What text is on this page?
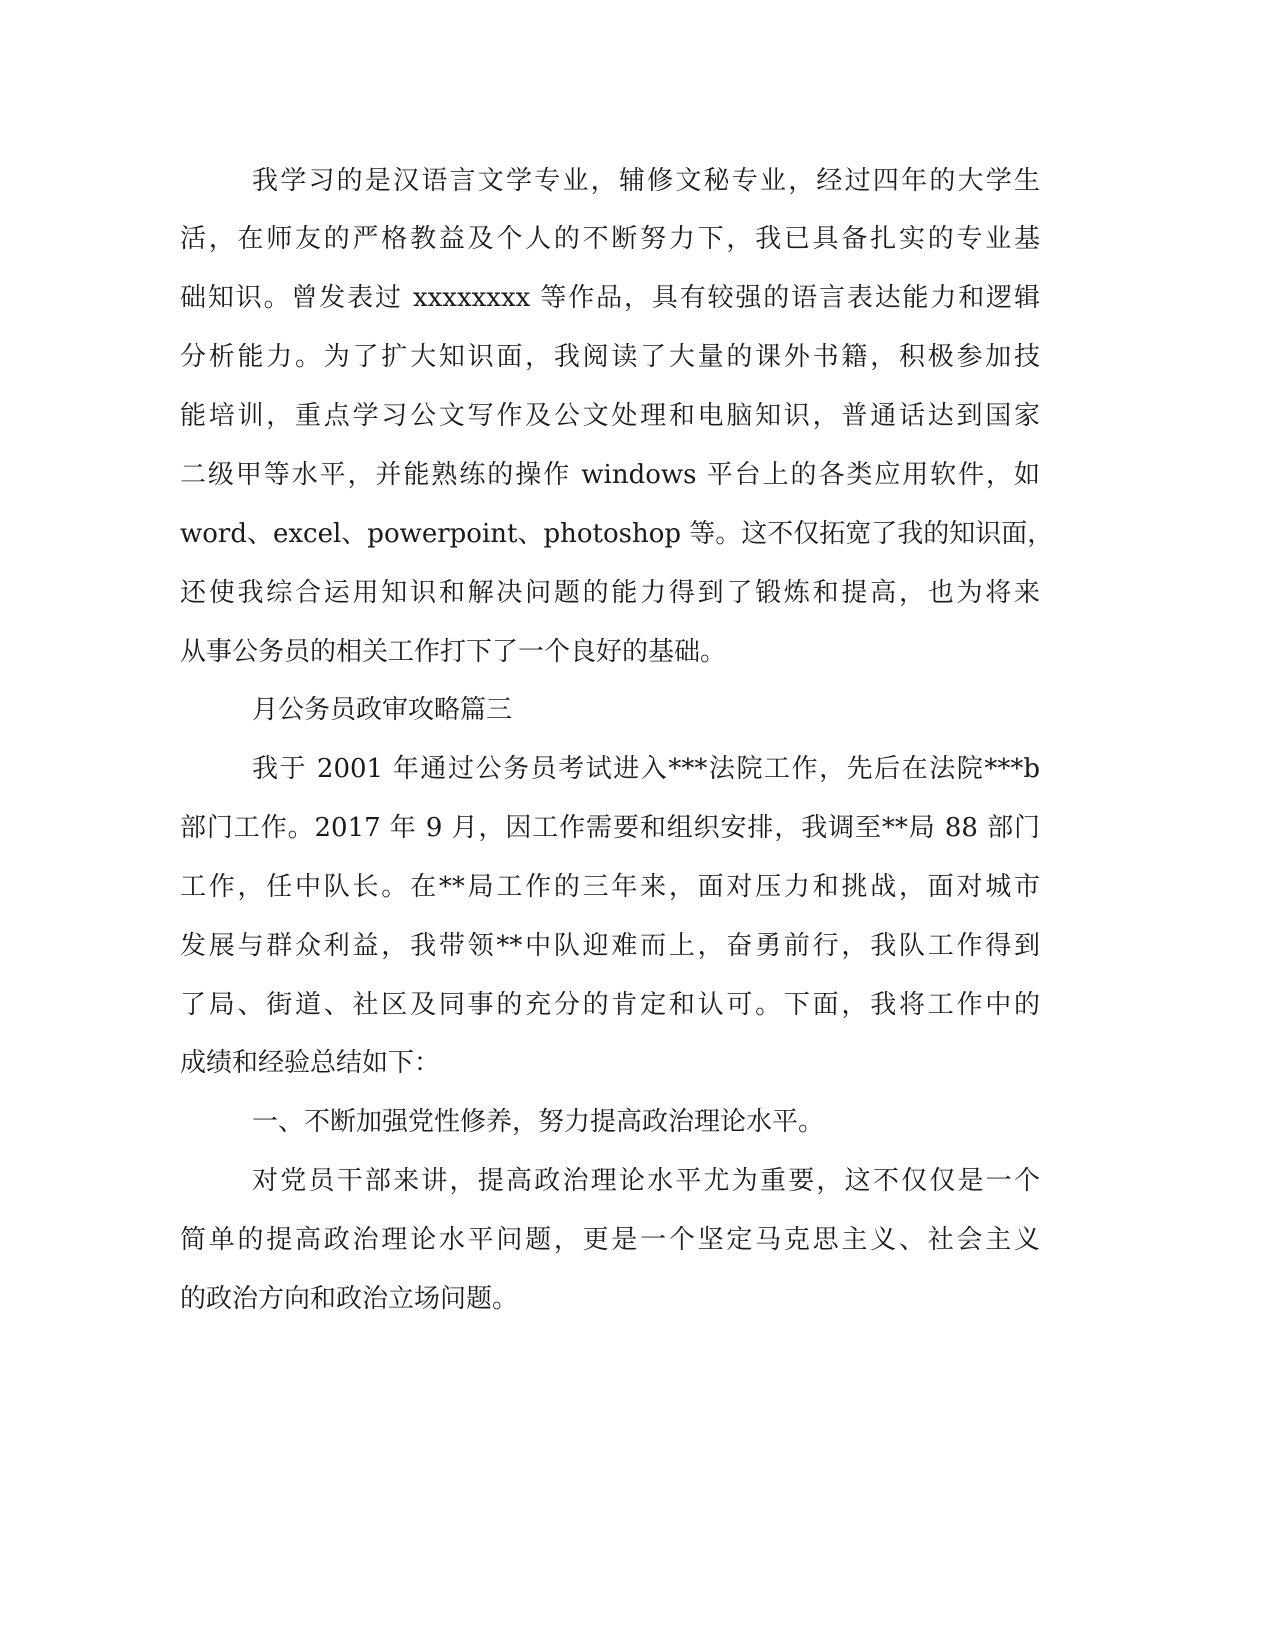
我学习的是汉语言文学专业，辅修文秘专业，经过四年的大学生
活，在师友的严格教益及个人的不断努力下，我已具备扎实的专业基
础知识。曾发表过 xxxxxxxx 等作品，具有较强的语言表达能力和逻辑
分析能力。为了扩大知识面，我阅读了大量的课外书籍，积极参加技
能培训，重点学习公文写作及公文处理和电脑知识，普通话达到国家
二级甲等水平，并能熟练的操作 windows 平台上的各类应用软件，如
word、excel、powerpoint、photoshop 等。这不仅拓宽了我的知识面，
还使我综合运用知识和解决问题的能力得到了锻炼和提高，也为将来
从事公务员的相关工作打下了一个良好的基础。
月公务员政审攻略篇三
我于 2001 年通过公务员考试进入***法院工作，先后在法院***b
部门工作。2017 年 9 月，因工作需要和组织安排，我调至**局 88 部门
工作，任中队长。在**局工作的三年来，面对压力和挑战，面对城市
发展与群众利益，我带领**中队迎难而上，奋勇前行，我队工作得到
了局、街道、社区及同事的充分的肯定和认可。下面，我将工作中的
成绩和经验总结如下：
一、不断加强党性修养，努力提高政治理论水平。
对党员干部来讲，提高政治理论水平尤为重要，这不仅仅是一个
简单的提高政治理论水平问题，更是一个坚定马克思主义、社会主义
的政治方向和政治立场问题。
